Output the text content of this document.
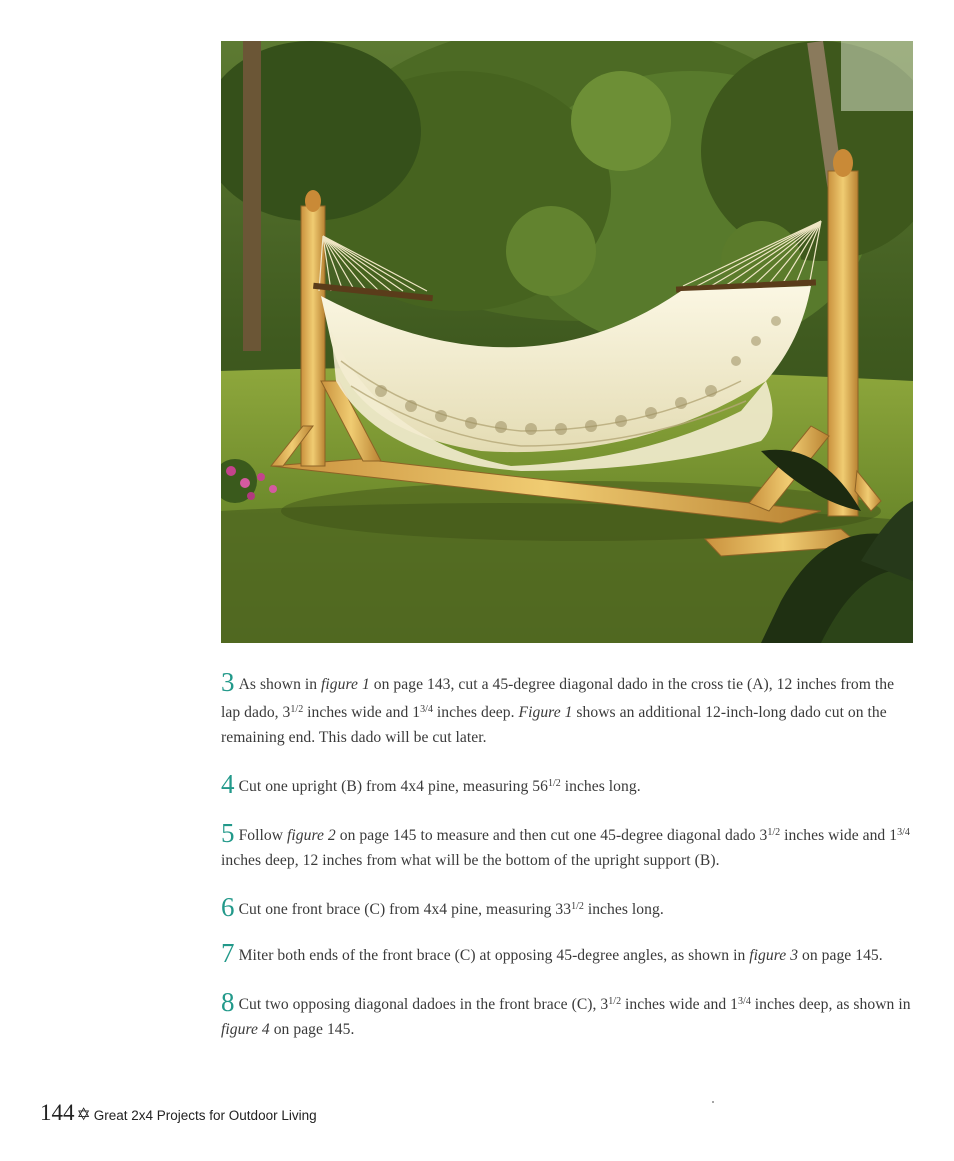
3 As shown in figure 1 on page 143, cut a 45-degree diagonal dado in the cross tie (A), 12 inches from the lap dado, $3^{1/2}$ inches wide and $1^{3/4}$ inches deep. Figure 1 shows an additional 12-inch-long dado cut on the remaining end. This dado will be cut later.
4 Cut one upright (B) from 4x4 pine, measuring $56^{1/2}$ inches long.
5 Follow figure 2 on page 145 to measure and then cut one 45-degree diagonal dado $3^{1/2}$ inches wide and $1^{3/4}$ inches deep, 12 inches from what will be the bottom of the upright support (B).
6 Cut one front brace (C) from 4x4 pine, measuring $33^{1/2}$ inches long.
7 Miter both ends of the front brace (C) at opposing 45-degree angles, as shown in figure 3 on page 145.
8 Cut two opposing diagonal dadoes in the front brace (C), $3^{1/2}$ inches wide and $1^{3/4}$ inches deep, as shown in figure 4 on page 145.
144 ✡ Great 2x4 Projects for Outdoor Living
